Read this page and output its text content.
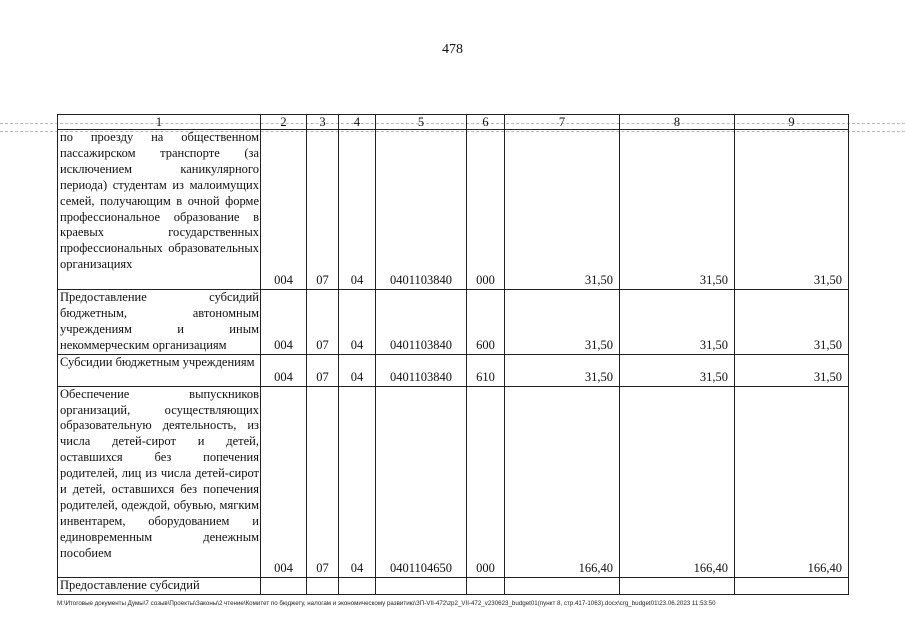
478
1	2	3	4	5	6	7	8	9
по проезду на общественном пассажирском транспорте (за исключением каникулярного периода) студентам из малоимущих семей, получающим в очной форме профессиональное образование в краевых государственных профессиональных образовательных организациях	004	07	04	0401103840	000	31,50	31,50	31,50
Предоставление субсидий бюджетным, автономным учреждениям и иным некоммерческим организациям	004	07	04	0401103840	600	31,50	31,50	31,50
Субсидии бюджетным учреждениям	004	07	04	0401103840	610	31,50	31,50	31,50
Обеспечение выпускников организаций, осуществляющих образовательную деятельность, из числа детей-сирот и детей, оставшихся без попечения родителей, лиц из числа детей-сирот и детей, оставшихся без попечения родителей, одеждой, обувью, мягким инвентарем, оборудованием и единовременным денежным пособием	004	07	04	0401104650	000	166,40	166,40	166,40
Предоставление субсидий								
M:\Итоговые документы Думы\7 созыв\Проекты\Законы\2 чтение\Комитет по бюджету, налогам и экономическому развитию\ЗП-VII-472\zp2_VII-472_v230623_budget01(пункт 8, стр.417-1063).docx\crg_budget01\23.06.2023 11:53:50
